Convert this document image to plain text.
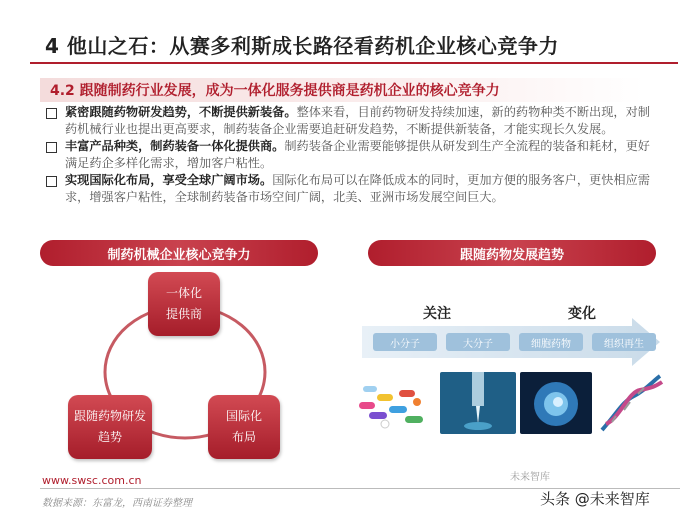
4 他山之石：从赛多利斯成长路径看药机企业核心竞争力
4.2 跟随制药行业发展，成为一体化服务提供商是药机企业的核心竞争力
紧密跟随药物研发趋势，不断提供新装备。整体来看，目前药物研发持续加速，新的药物种类不断出现，对制药机械行业也提出更高要求，制药装备企业需要追赶研发趋势，不断提供新装备，才能实现长久发展。
丰富产品种类，制药装备一体化提供商。制药装备企业需要能够提供从研发到生产全流程的装备和耗材，更好满足药企多样化需求，增加客户粘性。
实现国际化布局，享受全球广阔市场。国际化布局可以在降低成本的同时，更加方便的服务客户，更快相应需求，增强客户粘性，全球制药装备市场空间广阔，北美、亚洲市场发展空间巨大。
制药机械企业核心竞争力
一体化
提供商
跟随药物研发
趋势
国际化
布局
跟随药物发展趋势
关注	变化
小分子	大分子	细胞药物	组织再生
www.swsc.com.cn
数据来源：东富龙，西南证券整理
未来智库
头条 @未来智库
